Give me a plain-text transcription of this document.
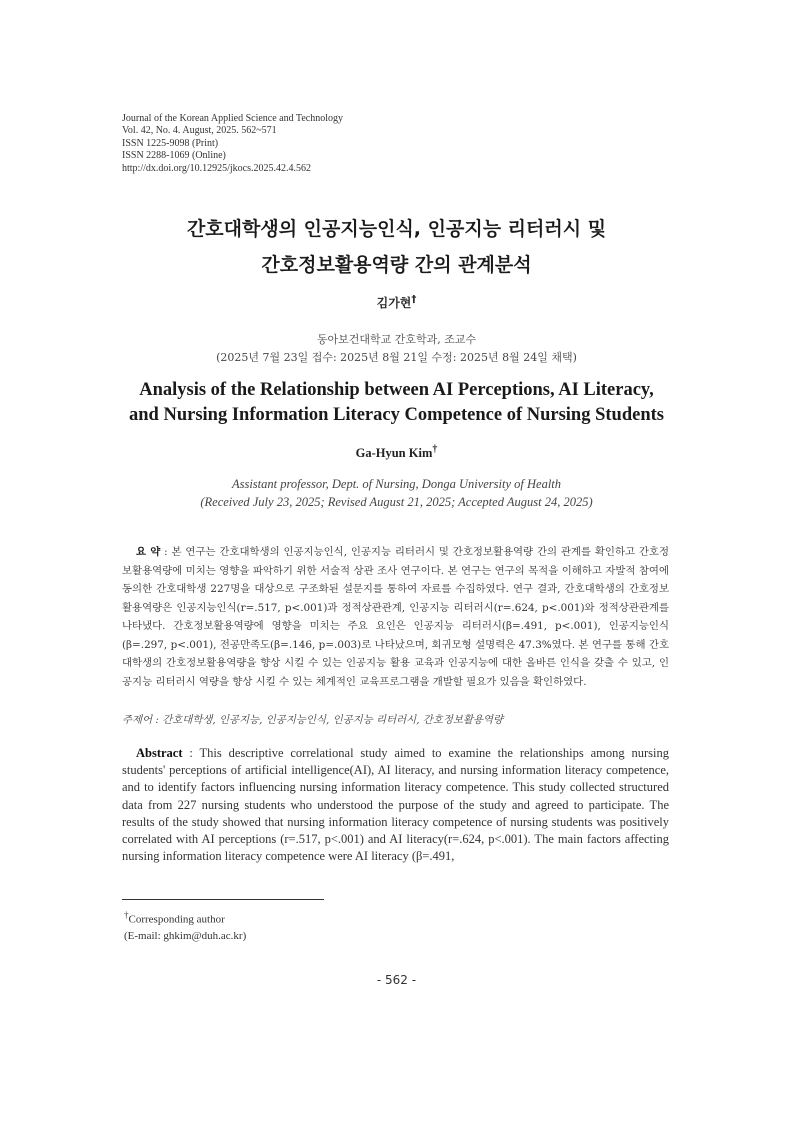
Journal of the Korean Applied Science and Technology
Vol. 42, No. 4. August, 2025. 562~571
ISSN 1225-9098 (Print)
ISSN 2288-1069 (Online)
http://dx.doi.org/10.12925/jkocs.2025.42.4.562
간호대학생의 인공지능인식, 인공지능 리터러시 및
간호정보활용역량 간의 관계분석
김가현†
동아보건대학교 간호학과, 조교수
(2025년 7월 23일 접수: 2025년 8월 21일 수정: 2025년 8월 24일 채택)
Analysis of the Relationship between AI Perceptions, AI Literacy,
and Nursing Information Literacy Competence of Nursing Students
Ga-Hyun Kim†
Assistant professor, Dept. of Nursing, Donga University of Health
(Received July 23, 2025; Revised August 21, 2025; Accepted August 24, 2025)
요 약 : 본 연구는 간호대학생의 인공지능인식, 인공지능 리터러시 및 간호정보활용역량 간의 관계를 확인하고 간호정보활용역량에 미치는 영향을 파악하기 위한 서술적 상관 조사 연구이다. 본 연구는 연구의 목적을 이해하고 자발적 참여에 동의한 간호대학생 227명을 대상으로 구조화된 설문지를 통하여 자료를 수집하였다. 연구 결과, 간호대학생의 간호정보활용역량은 인공지능인식(r=.517, p<.001)과 정적상관관계, 인공지능 리터러시(r=.624, p<.001)와 정적상관관계를 나타냈다. 간호정보활용역량에 영향을 미치는 주요 요인은 인공지능 리터러시(β=.491, p<.001), 인공지능인식(β=.297, p<.001), 전공만족도(β=.146, p=.003)로 나타났으며, 회귀모형 설명력은 47.3%였다. 본 연구를 통해 간호대학생의 간호정보활용역량을 향상 시킬 수 있는 인공지능 활용 교육과 인공지능에 대한 올바른 인식을 갖출 수 있고, 인공지능 리터러시 역량을 향상 시킬 수 있는 체계적인 교육프로그램을 개발할 필요가 있음을 확인하였다.
주제어 : 간호대학생, 인공지능, 인공지능인식, 인공지능 리터러시, 간호정보활용역량
Abstract : This descriptive correlational study aimed to examine the relationships among nursing students' perceptions of artificial intelligence(AI), AI literacy, and nursing information literacy competence, and to identify factors influencing nursing information literacy competence. This study collected structured data from 227 nursing students who understood the purpose of the study and agreed to participate. The results of the study showed that nursing information literacy competence of nursing students was positively correlated with AI perceptions (r=.517, p<.001) and AI literacy(r=.624, p<.001). The main factors affecting nursing information literacy competence were AI literacy (β=.491,
†Corresponding author
(E-mail: ghkim@duh.ac.kr)
- 562 -
